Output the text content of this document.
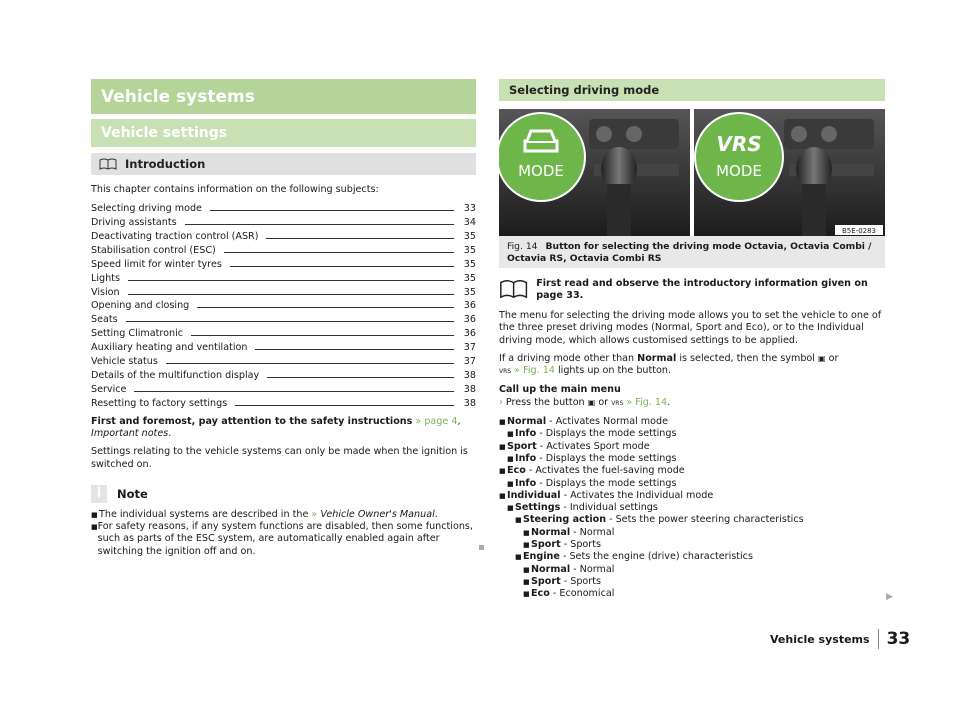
Vehicle systems
Vehicle settings
Introduction

This chapter contains information on the following subjects:

Selecting driving mode	33
Driving assistants	34
Deactivating traction control (ASR)	35
Stabilisation control (ESC)	35
Speed limit for winter tyres	35
Lights	35
Vision	35
Opening and closing	36
Seats	36
Setting Climatronic	36
Auxiliary heating and ventilation	37
Vehicle status	37
Details of the multifunction display	38
Service	38
Resetting to factory settings	38

First and foremost, pay attention to the safety instructions » page 4, Important notes.

Settings relating to the vehicle systems can only be made when the ignition is switched on.

i	Note
■ The individual systems are described in the » Vehicle Owner's Manual.
■ For safety reasons, if any system functions are disabled, then some functions, such as parts of the ESC system, are automatically enabled again after switching the ignition off and on.
Selecting driving mode
VRS
MODE	MODE
B5E-0283
Fig. 14 Button for selecting the driving mode Octavia, Octavia Combi / Octavia RS, Octavia Combi RS
First read and observe the introductory information given on page 33.

The menu for selecting the driving mode allows you to set the vehicle to one of the three preset driving modes (Normal, Sport and Eco), or to the Individual driving mode, which allows customised settings to be applied.

If a driving mode other than Normal is selected, then the symbol ▣ or
VRS » Fig. 14 lights up on the button.

Call up the main menu

› Press the button ▣ or VRS » Fig. 14.

■ Normal - Activates Normal mode
■ Info - Displays the mode settings
■ Sport - Activates Sport mode
■ Info - Displays the mode settings
■ Eco - Activates the fuel-saving mode
■ Info - Displays the mode settings
■ Individual - Activates the Individual mode
■ Settings - Individual settings
■ Steering action - Sets the power steering characteristics
■ Normal - Normal
■ Sport - Sports
■ Engine - Sets the engine (drive) characteristics
■ Normal - Normal
■ Sport - Sports
■ Eco - Economical	▶
Vehicle systems 33
